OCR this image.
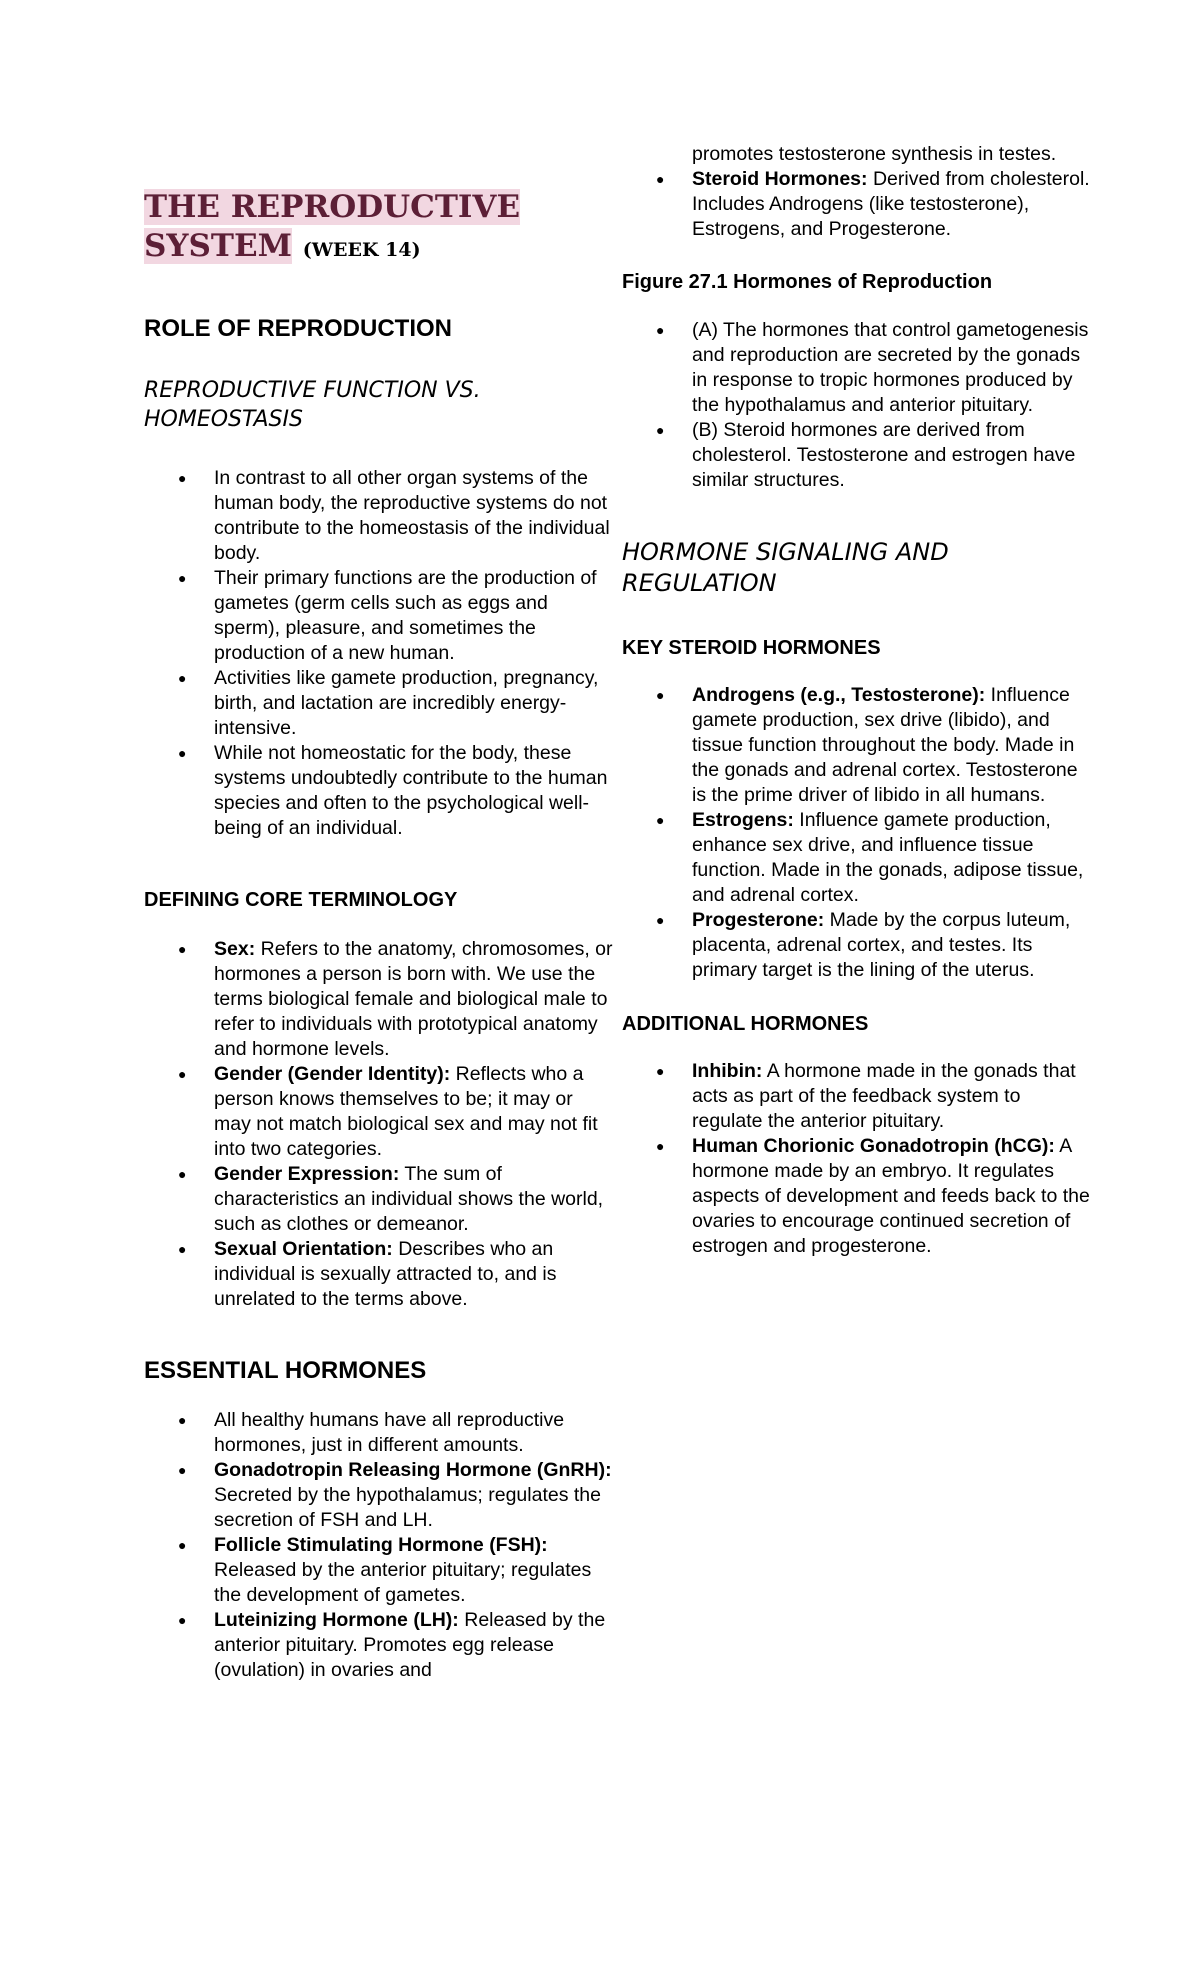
THE REPRODUCTIVE
SYSTEM (WEEK 14)
ROLE OF REPRODUCTION
REPRODUCTIVE FUNCTION VS. HOMEOSTASIS
● In contrast to all other organ systems of the human body, the reproductive systems do not contribute to the homeostasis of the individual body.
● Their primary functions are the production of gametes (germ cells such as eggs and sperm), pleasure, and sometimes the production of a new human.
● Activities like gamete production, pregnancy, birth, and lactation are incredibly energy-intensive.
● While not homeostatic for the body, these systems undoubtedly contribute to the human species and often to the psychological well-being of an individual.
DEFINING CORE TERMINOLOGY
● Sex: Refers to the anatomy, chromosomes, or hormones a person is born with. We use the terms biological female and biological male to refer to individuals with prototypical anatomy and hormone levels.
● Gender (Gender Identity): Reflects who a person knows themselves to be; it may or may not match biological sex and may not fit into two categories.
● Gender Expression: The sum of characteristics an individual shows the world, such as clothes or demeanor.
● Sexual Orientation: Describes who an individual is sexually attracted to, and is unrelated to the terms above.
ESSENTIAL HORMONES
● All healthy humans have all reproductive hormones, just in different amounts.
● Gonadotropin Releasing Hormone (GnRH): Secreted by the hypothalamus; regulates the secretion of FSH and LH.
● Follicle Stimulating Hormone (FSH): Released by the anterior pituitary; regulates the development of gametes.
● Luteinizing Hormone (LH): Released by the anterior pituitary. Promotes egg release (ovulation) in ovaries and
promotes testosterone synthesis in testes.
● Steroid Hormones: Derived from cholesterol. Includes Androgens (like testosterone), Estrogens, and Progesterone.
Figure 27.1 Hormones of Reproduction
● (A) The hormones that control gametogenesis and reproduction are secreted by the gonads in response to tropic hormones produced by the hypothalamus and anterior pituitary.
● (B) Steroid hormones are derived from cholesterol. Testosterone and estrogen have similar structures.
HORMONE SIGNALING AND REGULATION
KEY STEROID HORMONES
● Androgens (e.g., Testosterone): Influence gamete production, sex drive (libido), and tissue function throughout the body. Made in the gonads and adrenal cortex. Testosterone is the prime driver of libido in all humans.
● Estrogens: Influence gamete production, enhance sex drive, and influence tissue function. Made in the gonads, adipose tissue, and adrenal cortex.
● Progesterone: Made by the corpus luteum, placenta, adrenal cortex, and testes. Its primary target is the lining of the uterus.
ADDITIONAL HORMONES
● Inhibin: A hormone made in the gonads that acts as part of the feedback system to regulate the anterior pituitary.
● Human Chorionic Gonadotropin (hCG): A hormone made by an embryo. It regulates aspects of development and feeds back to the ovaries to encourage continued secretion of estrogen and progesterone.
